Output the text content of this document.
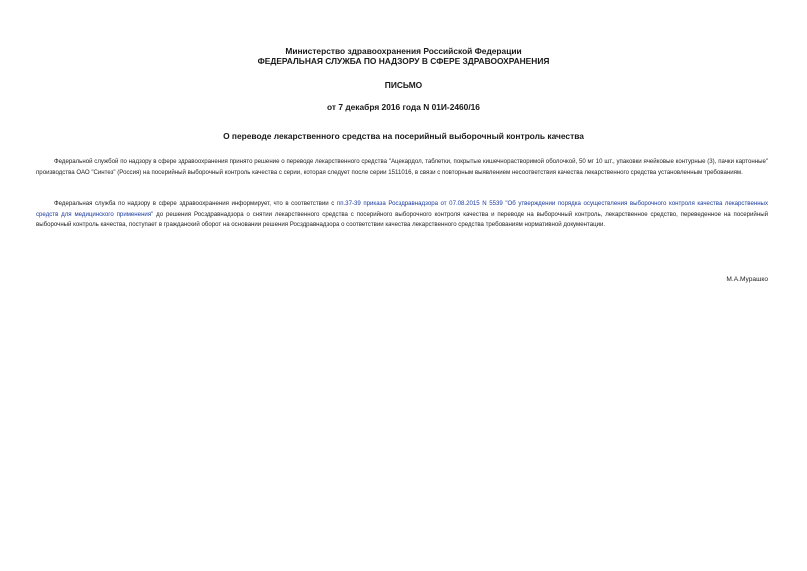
Министерство здравоохранения Российской Федерации
ФЕДЕРАЛЬНАЯ СЛУЖБА ПО НАДЗОРУ В СФЕРЕ ЗДРАВООХРАНЕНИЯ
ПИСЬМО
от 7 декабря 2016 года N 01И-2460/16
О переводе лекарственного средства на посерийный выборочный контроль качества
Федеральной службой по надзору в сфере здравоохранения принято решение о переводе лекарственного средства "Ацекардол, таблетки, покрытые кишечнорастворимой оболочкой, 50 мг 10 шт., упаковки ячейковые контурные (3), пачки картонные" производства ОАО "Синтез" (Россия) на посерийный выборочный контроль качества с серии, которая следует после серии 1511016, в связи с повторным выявлением несоответствия качества лекарственного средства установленным требованиям.
Федеральная служба по надзору в сфере здравоохранения информирует, что в соответствии с пп.37-39 приказа Росздравнадзора от 07.08.2015 N 5539 "Об утверждении порядка осуществления выборочного контроля качества лекарственных средств для медицинского применения" до решения Росздравнадзора о снятии лекарственного средства с посерийного выборочного контроля качества и переводе на выборочный контроль, лекарственное средство, переведенное на посерийный выборочный контроль качества, поступает в гражданский оборот на основании решения Росздравнадзора о соответствии качества лекарственного средства требованиям нормативной документации.
М.А.Мурашко
